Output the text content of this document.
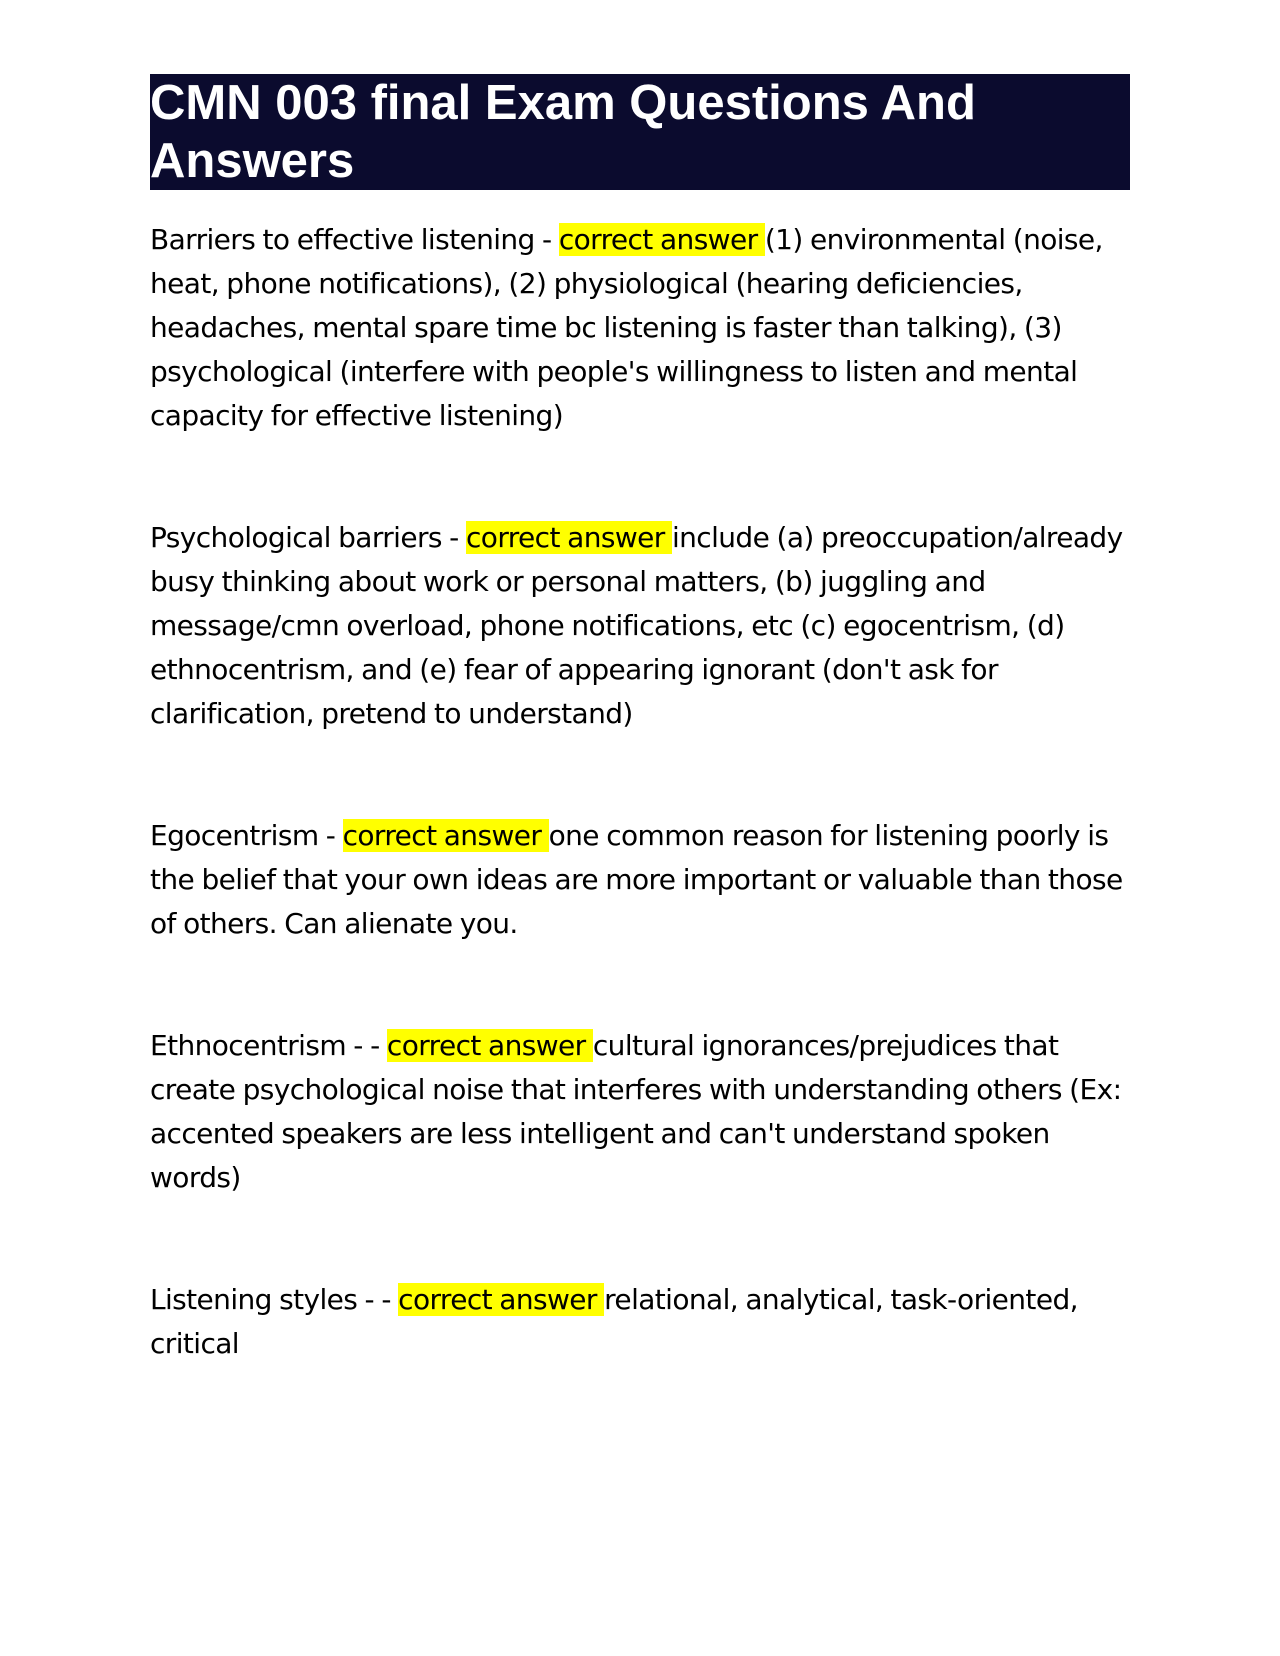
CMN 003 final Exam Questions And Answers

Barriers to effective listening - correct answer (1) environmental (noise, heat, phone notifications), (2) physiological (hearing deficiencies, headaches, mental spare time bc listening is faster than talking), (3) psychological (interfere with people's willingness to listen and mental capacity for effective listening)

Psychological barriers - correct answer include (a) preoccupation/already busy thinking about work or personal matters, (b) juggling and message/cmn overload, phone notifications, etc (c) egocentrism, (d) ethnocentrism, and (e) fear of appearing ignorant (don't ask for clarification, pretend to understand)

Egocentrism - correct answer one common reason for listening poorly is the belief that your own ideas are more important or valuable than those of others. Can alienate you.

Ethnocentrism - - correct answer cultural ignorances/prejudices that create psychological noise that interferes with understanding others (Ex: accented speakers are less intelligent and can't understand spoken words)

Listening styles - - correct answer relational, analytical, task-oriented, critical
